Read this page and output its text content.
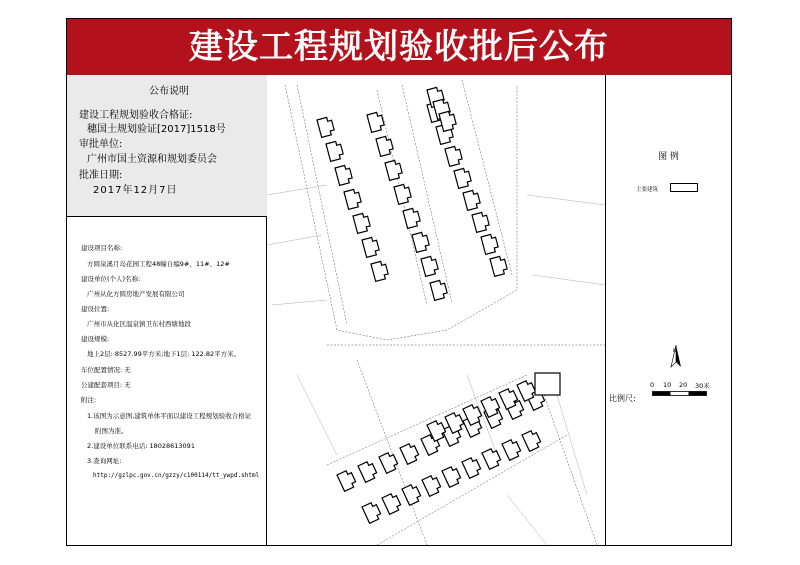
建设工程规划验收批后公布
公布说明
建设工程规划验收合格证:
穗国土规划验证[2017]1518号
审批单位:
广州市国土资源和规划委员会
批准日期:
2017年12月7日
建设项目名称:
方圆泉溪月岛花园工程48幢自编9#、11#、12#
建设单位(个人)名称:
广州从化方圆房地产发展有限公司
建设位置:
广州市从化区温泉镇卫东村西塘地段
建设规模:
地上2层: 8527.99平方米;地下1层: 122.82平方米。
车位配置情况: 无
公建配套项目: 无
附注:
1.该图为示意图,建筑单体平面以建设工程规划验收合格证
附图为准。
2.建设单位联系电话: 18028613091
3.查询网址:
http://gzlpc.gov.cn/gzzy/c100114/tt_ywpd.shtml
图 例
主要建筑
N
比例尺:
0 10 20 30米
